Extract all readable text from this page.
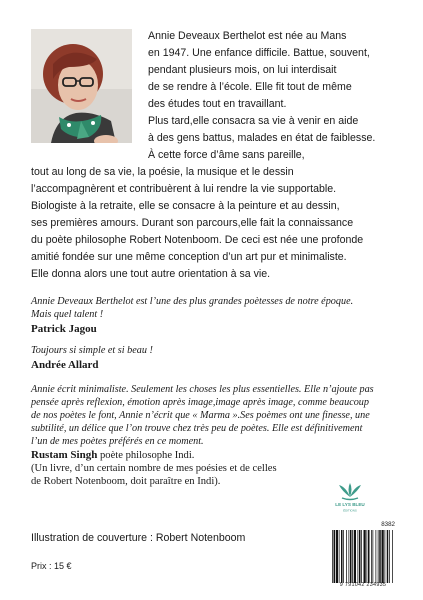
Annie Deveaux Berthelot est née au Mans
en 1947. Une enfance difficile. Battue, souvent,
pendant plusieurs mois, on lui interdisait
de se rendre à l’école. Elle fit tout de même
des études tout en travaillant.
Plus tard,elle consacra sa vie à venir en aide
à des gens battus, malades en état de faiblesse.
À cette force d’âme sans pareille,
tout au long de sa vie, la poésie, la musique et le dessin
l’accompagnèrent et contribuèrent à lui rendre la vie supportable.
Biologiste à la retraite, elle se consacre à la peinture et au dessin,
ses premières amours. Durant son parcours,elle fait la connaissance
du poète philosophe Robert Notenboom. De ceci est née une profonde
amitié fondée sur une même conception d’un art pur et minimaliste.
Elle donna alors une tout autre orientation à sa vie.
Annie Deveaux Berthelot est l’une des plus grandes poètesses de notre époque.
Mais quel talent !
Patrick Jagou
Toujours si simple et si beau !
Andrée Allard
Annie écrit minimaliste. Seulement les choses les plus essentielles. Elle n’ajoute pas
pensée après reflexion, émotion après image,image après image, comme beaucoup
de nos poètes le font, Annie n’écrit que « Marma ».Ses poèmes ont une finesse, une
subtilité, un délice que l’on trouve chez très peu de poètes. Elle est définitivement
l’un de mes poètes préférés en ce moment.
Rustam Singh poète philosophe Indi.
(Un livre, d’un certain nombre de mes poésies et de celles
de Robert Notenboom, doit paraître en Indi).
Illustration de couverture : Robert Notenboom
Prix : 15 €
LE LYS BLEU
ÉDITIONS
8382
9 791042 234935
